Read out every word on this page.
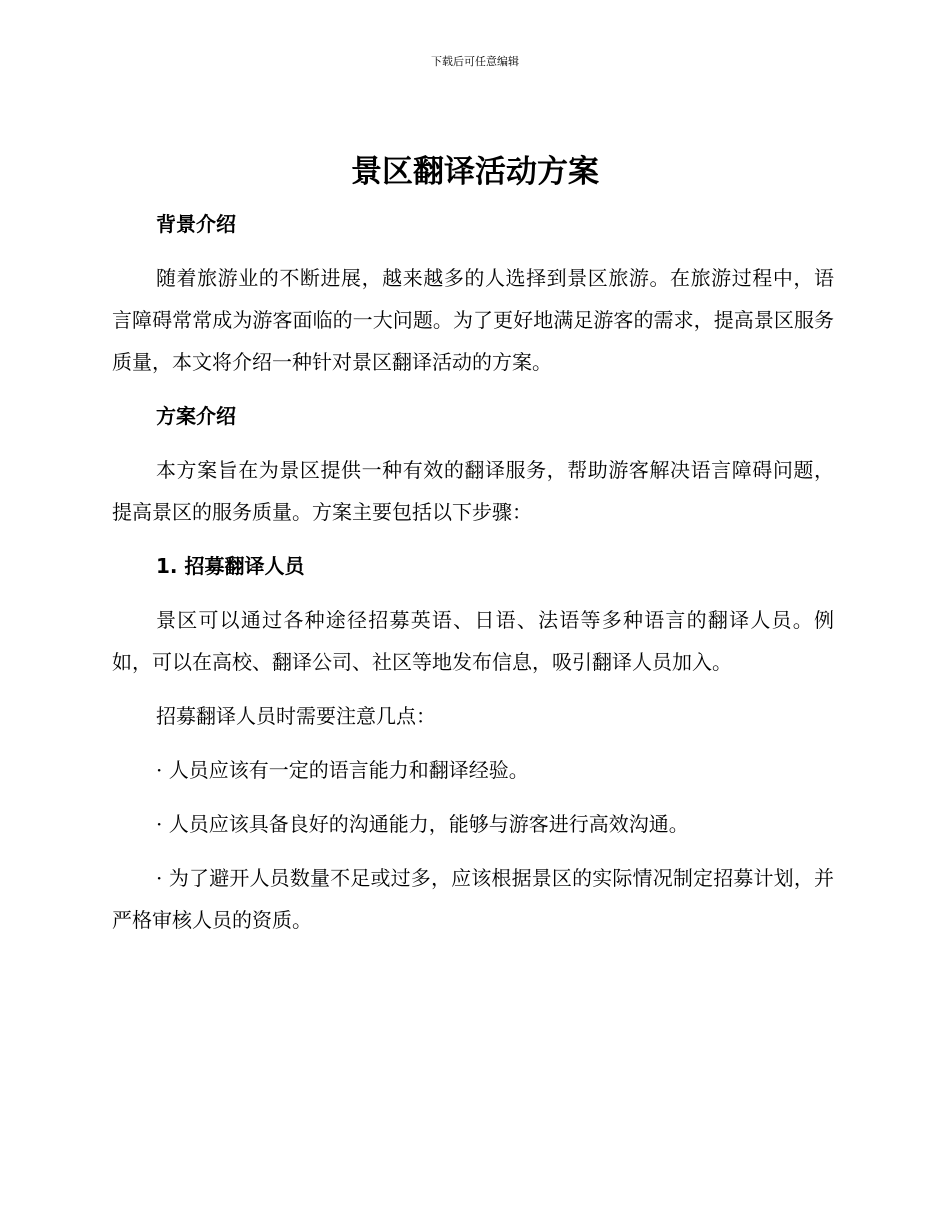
下载后可任意编辑
景区翻译活动方案

背景介绍

随着旅游业的不断进展，越来越多的人选择到景区旅游。在旅游过程中，语言障碍常常成为游客面临的一大问题。为了更好地满足游客的需求，提高景区服务质量，本文将介绍一种针对景区翻译活动的方案。

方案介绍

本方案旨在为景区提供一种有效的翻译服务，帮助游客解决语言障碍问题，提高景区的服务质量。方案主要包括以下步骤：

1. 招募翻译人员

景区可以通过各种途径招募英语、日语、法语等多种语言的翻译人员。例如，可以在高校、翻译公司、社区等地发布信息，吸引翻译人员加入。

招募翻译人员时需要注意几点：

· 人员应该有一定的语言能力和翻译经验。

· 人员应该具备良好的沟通能力，能够与游客进行高效沟通。

· 为了避开人员数量不足或过多，应该根据景区的实际情况制定招募计划，并严格审核人员的资质。
